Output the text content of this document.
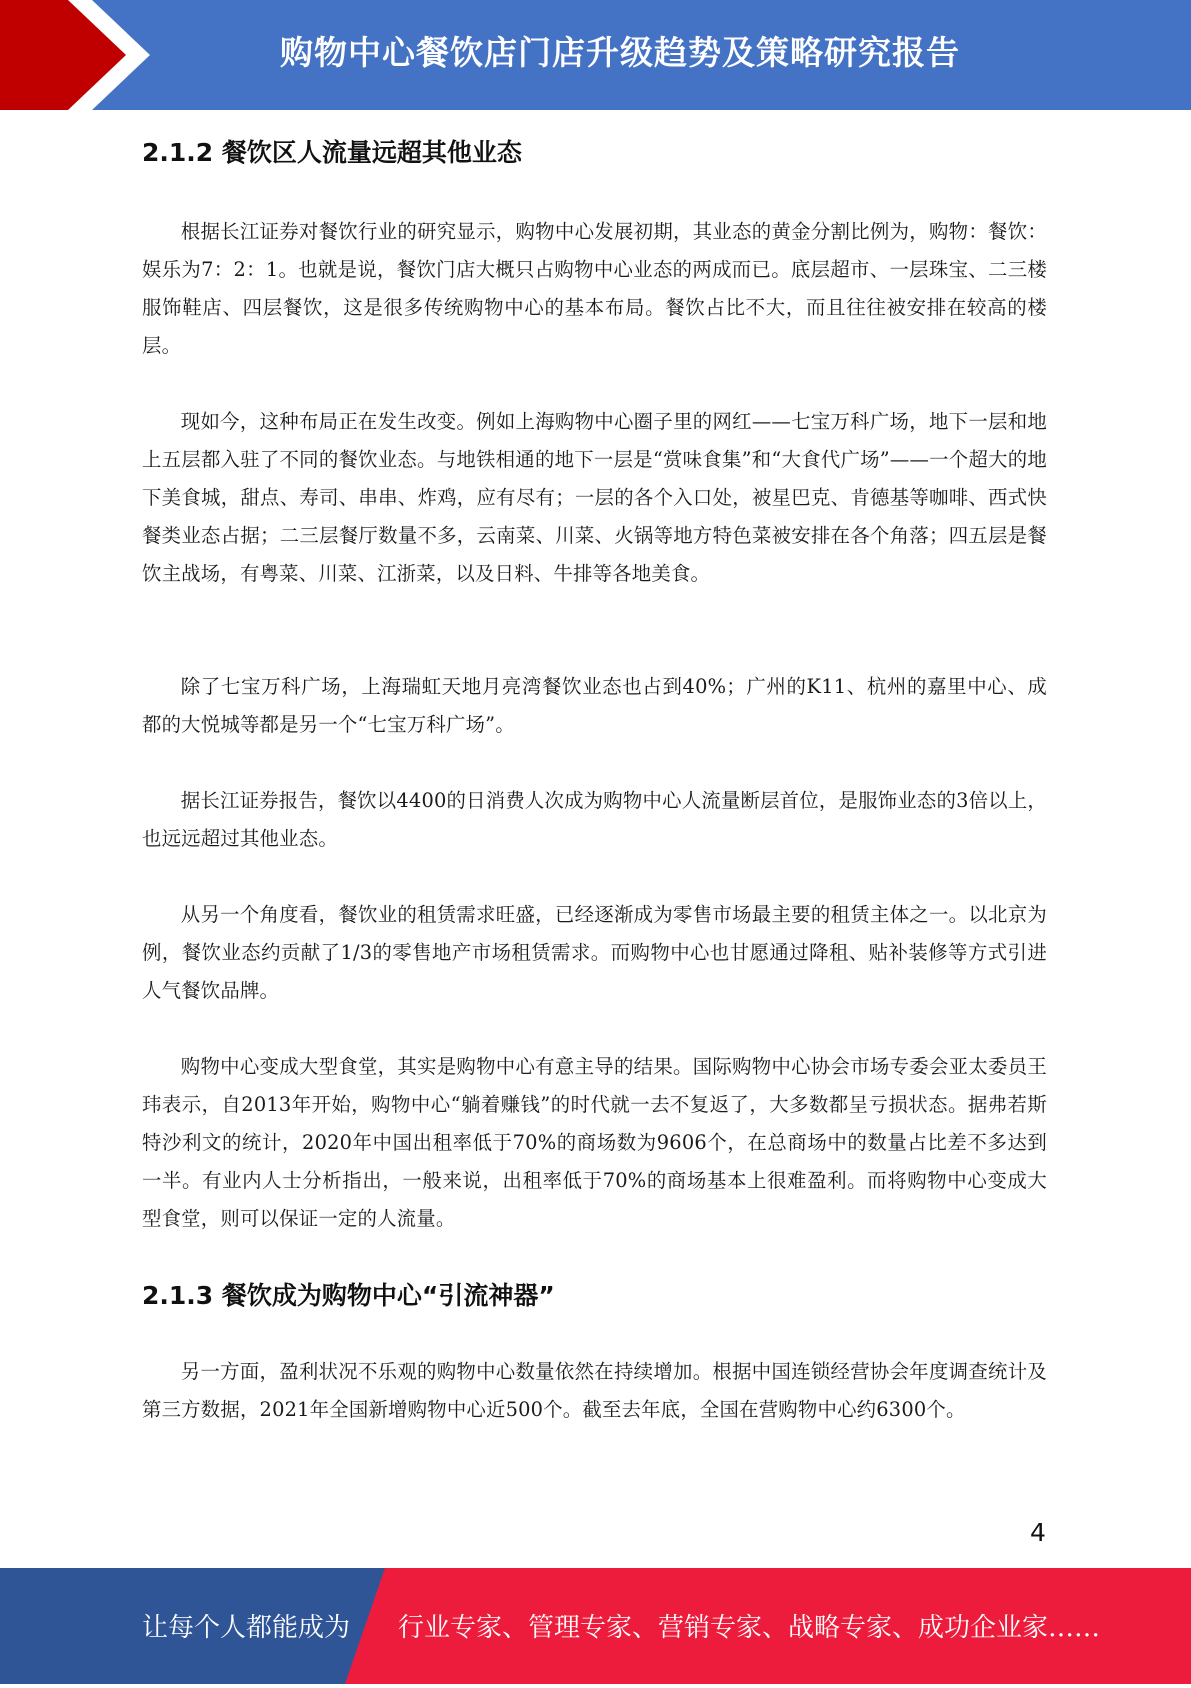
购物中心餐饮店门店升级趋势及策略研究报告
2.1.2 餐饮区人流量远超其他业态

根据长江证券对餐饮行业的研究显示，购物中心发展初期，其业态的黄金分割比例为，购物：餐饮：娱乐为7：2：1。也就是说，餐饮门店大概只占购物中心业态的两成而已。底层超市、一层珠宝、二三楼服饰鞋店、四层餐饮，这是很多传统购物中心的基本布局。餐饮占比不大，而且往往被安排在较高的楼层。

现如今，这种布局正在发生改变。例如上海购物中心圈子里的网红——七宝万科广场，地下一层和地上五层都入驻了不同的餐饮业态。与地铁相通的地下一层是“赏味食集”和“大食代广场”——一个超大的地下美食城，甜点、寿司、串串、炸鸡，应有尽有；一层的各个入口处，被星巴克、肯德基等咖啡、西式快餐类业态占据；二三层餐厅数量不多，云南菜、川菜、火锅等地方特色菜被安排在各个角落；四五层是餐饮主战场，有粤菜、川菜、江浙菜，以及日料、牛排等各地美食。

除了七宝万科广场，上海瑞虹天地月亮湾餐饮业态也占到40%；广州的K11、杭州的嘉里中心、成都的大悦城等都是另一个“七宝万科广场”。

据长江证券报告，餐饮以4400的日消费人次成为购物中心人流量断层首位，是服饰业态的3倍以上，也远远超过其他业态。

从另一个角度看，餐饮业的租赁需求旺盛，已经逐渐成为零售市场最主要的租赁主体之一。以北京为例，餐饮业态约贡献了1/3的零售地产市场租赁需求。而购物中心也甘愿通过降租、贴补装修等方式引进人气餐饮品牌。

购物中心变成大型食堂，其实是购物中心有意主导的结果。国际购物中心协会市场专委会亚太委员王玮表示，自2013年开始，购物中心“躺着赚钱”的时代就一去不复返了，大多数都呈亏损状态。据弗若斯特沙利文的统计，2020年中国出租率低于70%的商场数为9606个，在总商场中的数量占比差不多达到一半。有业内人士分析指出，一般来说，出租率低于70%的商场基本上很难盈利。而将购物中心变成大型食堂，则可以保证一定的人流量。

2.1.3 餐饮成为购物中心“引流神器”

另一方面，盈利状况不乐观的购物中心数量依然在持续增加。根据中国连锁经营协会年度调查统计及第三方数据，2021年全国新增购物中心近500个。截至去年底，全国在营购物中心约6300个。

4
让每个人都能成为 行业专家、管理专家、营销专家、战略专家、成功企业家……
